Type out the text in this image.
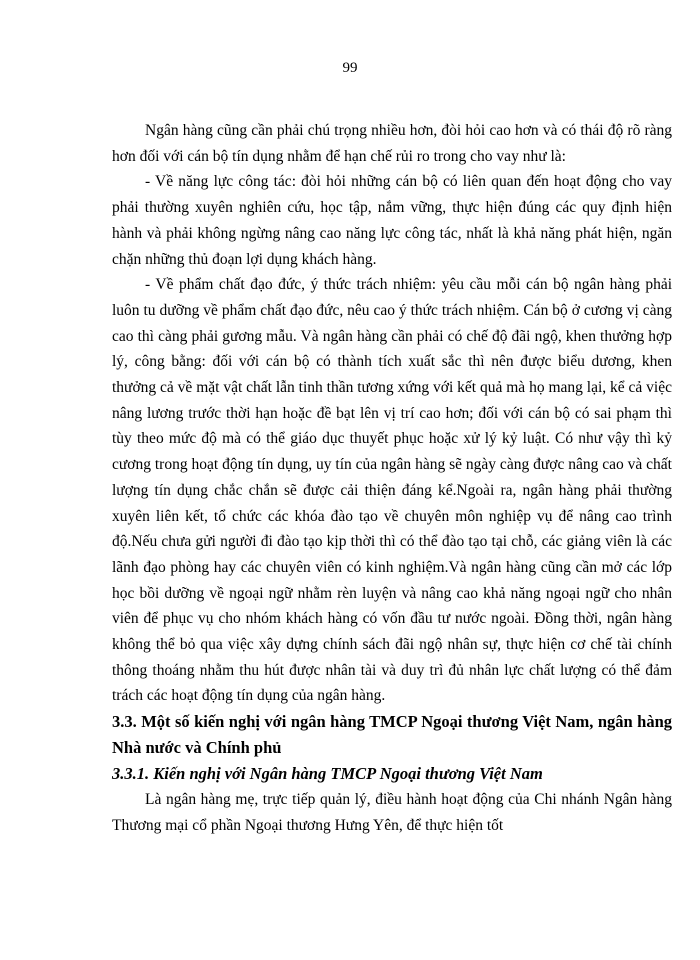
99

Ngân hàng cũng cần phải chú trọng nhiều hơn, đòi hỏi cao hơn và có thái độ rõ ràng hơn đối với cán bộ tín dụng nhằm để hạn chế rủi ro trong cho vay như là:

- Về năng lực công tác: đòi hỏi những cán bộ có liên quan đến hoạt động cho vay phải thường xuyên nghiên cứu, học tập, nắm vững, thực hiện đúng các quy định hiện hành và phải không ngừng nâng cao năng lực công tác, nhất là khả năng phát hiện, ngăn chặn những thủ đoạn lợi dụng khách hàng.

- Về phẩm chất đạo đức, ý thức trách nhiệm: yêu cầu mỗi cán bộ ngân hàng phải luôn tu dưỡng về phẩm chất đạo đức, nêu cao ý thức trách nhiệm. Cán bộ ở cương vị càng cao thì càng phải gương mẫu. Và ngân hàng cần phải có chế độ đãi ngộ, khen thưởng hợp lý, công bằng: đối với cán bộ có thành tích xuất sắc thì nên được biểu dương, khen thưởng cả về mặt vật chất lẫn tinh thần tương xứng với kết quả mà họ mang lại, kể cả việc nâng lương trước thời hạn hoặc đề bạt lên vị trí cao hơn; đối với cán bộ có sai phạm thì tùy theo mức độ mà có thể giáo dục thuyết phục hoặc xử lý kỷ luật. Có như vậy thì kỷ cương trong hoạt động tín dụng, uy tín của ngân hàng sẽ ngày càng được nâng cao và chất lượng tín dụng chắc chắn sẽ được cải thiện đáng kể.Ngoài ra, ngân hàng phải thường xuyên liên kết, tổ chức các khóa đào tạo về chuyên môn nghiệp vụ để nâng cao trình độ.Nếu chưa gửi người đi đào tạo kịp thời thì có thể đào tạo tại chỗ, các giảng viên là các lãnh đạo phòng hay các chuyên viên có kinh nghiệm.Và ngân hàng cũng cần mở các lớp học bồi dưỡng về ngoại ngữ nhằm rèn luyện và nâng cao khả năng ngoại ngữ cho nhân viên để phục vụ cho nhóm khách hàng có vốn đầu tư nước ngoài. Đồng thời, ngân hàng không thể bỏ qua việc xây dựng chính sách đãi ngộ nhân sự, thực hiện cơ chế tài chính thông thoáng nhằm thu hút được nhân tài và duy trì đủ nhân lực chất lượng có thể đảm trách các hoạt động tín dụng của ngân hàng.

3.3. Một số kiến nghị với ngân hàng TMCP Ngoại thương Việt Nam, ngân hàng Nhà nước và Chính phủ
3.3.1. Kiến nghị với Ngân hàng TMCP Ngoại thương Việt Nam

Là ngân hàng mẹ, trực tiếp quản lý, điều hành hoạt động của Chi nhánh Ngân hàng Thương mại cổ phần Ngoại thương Hưng Yên, để thực hiện tốt
